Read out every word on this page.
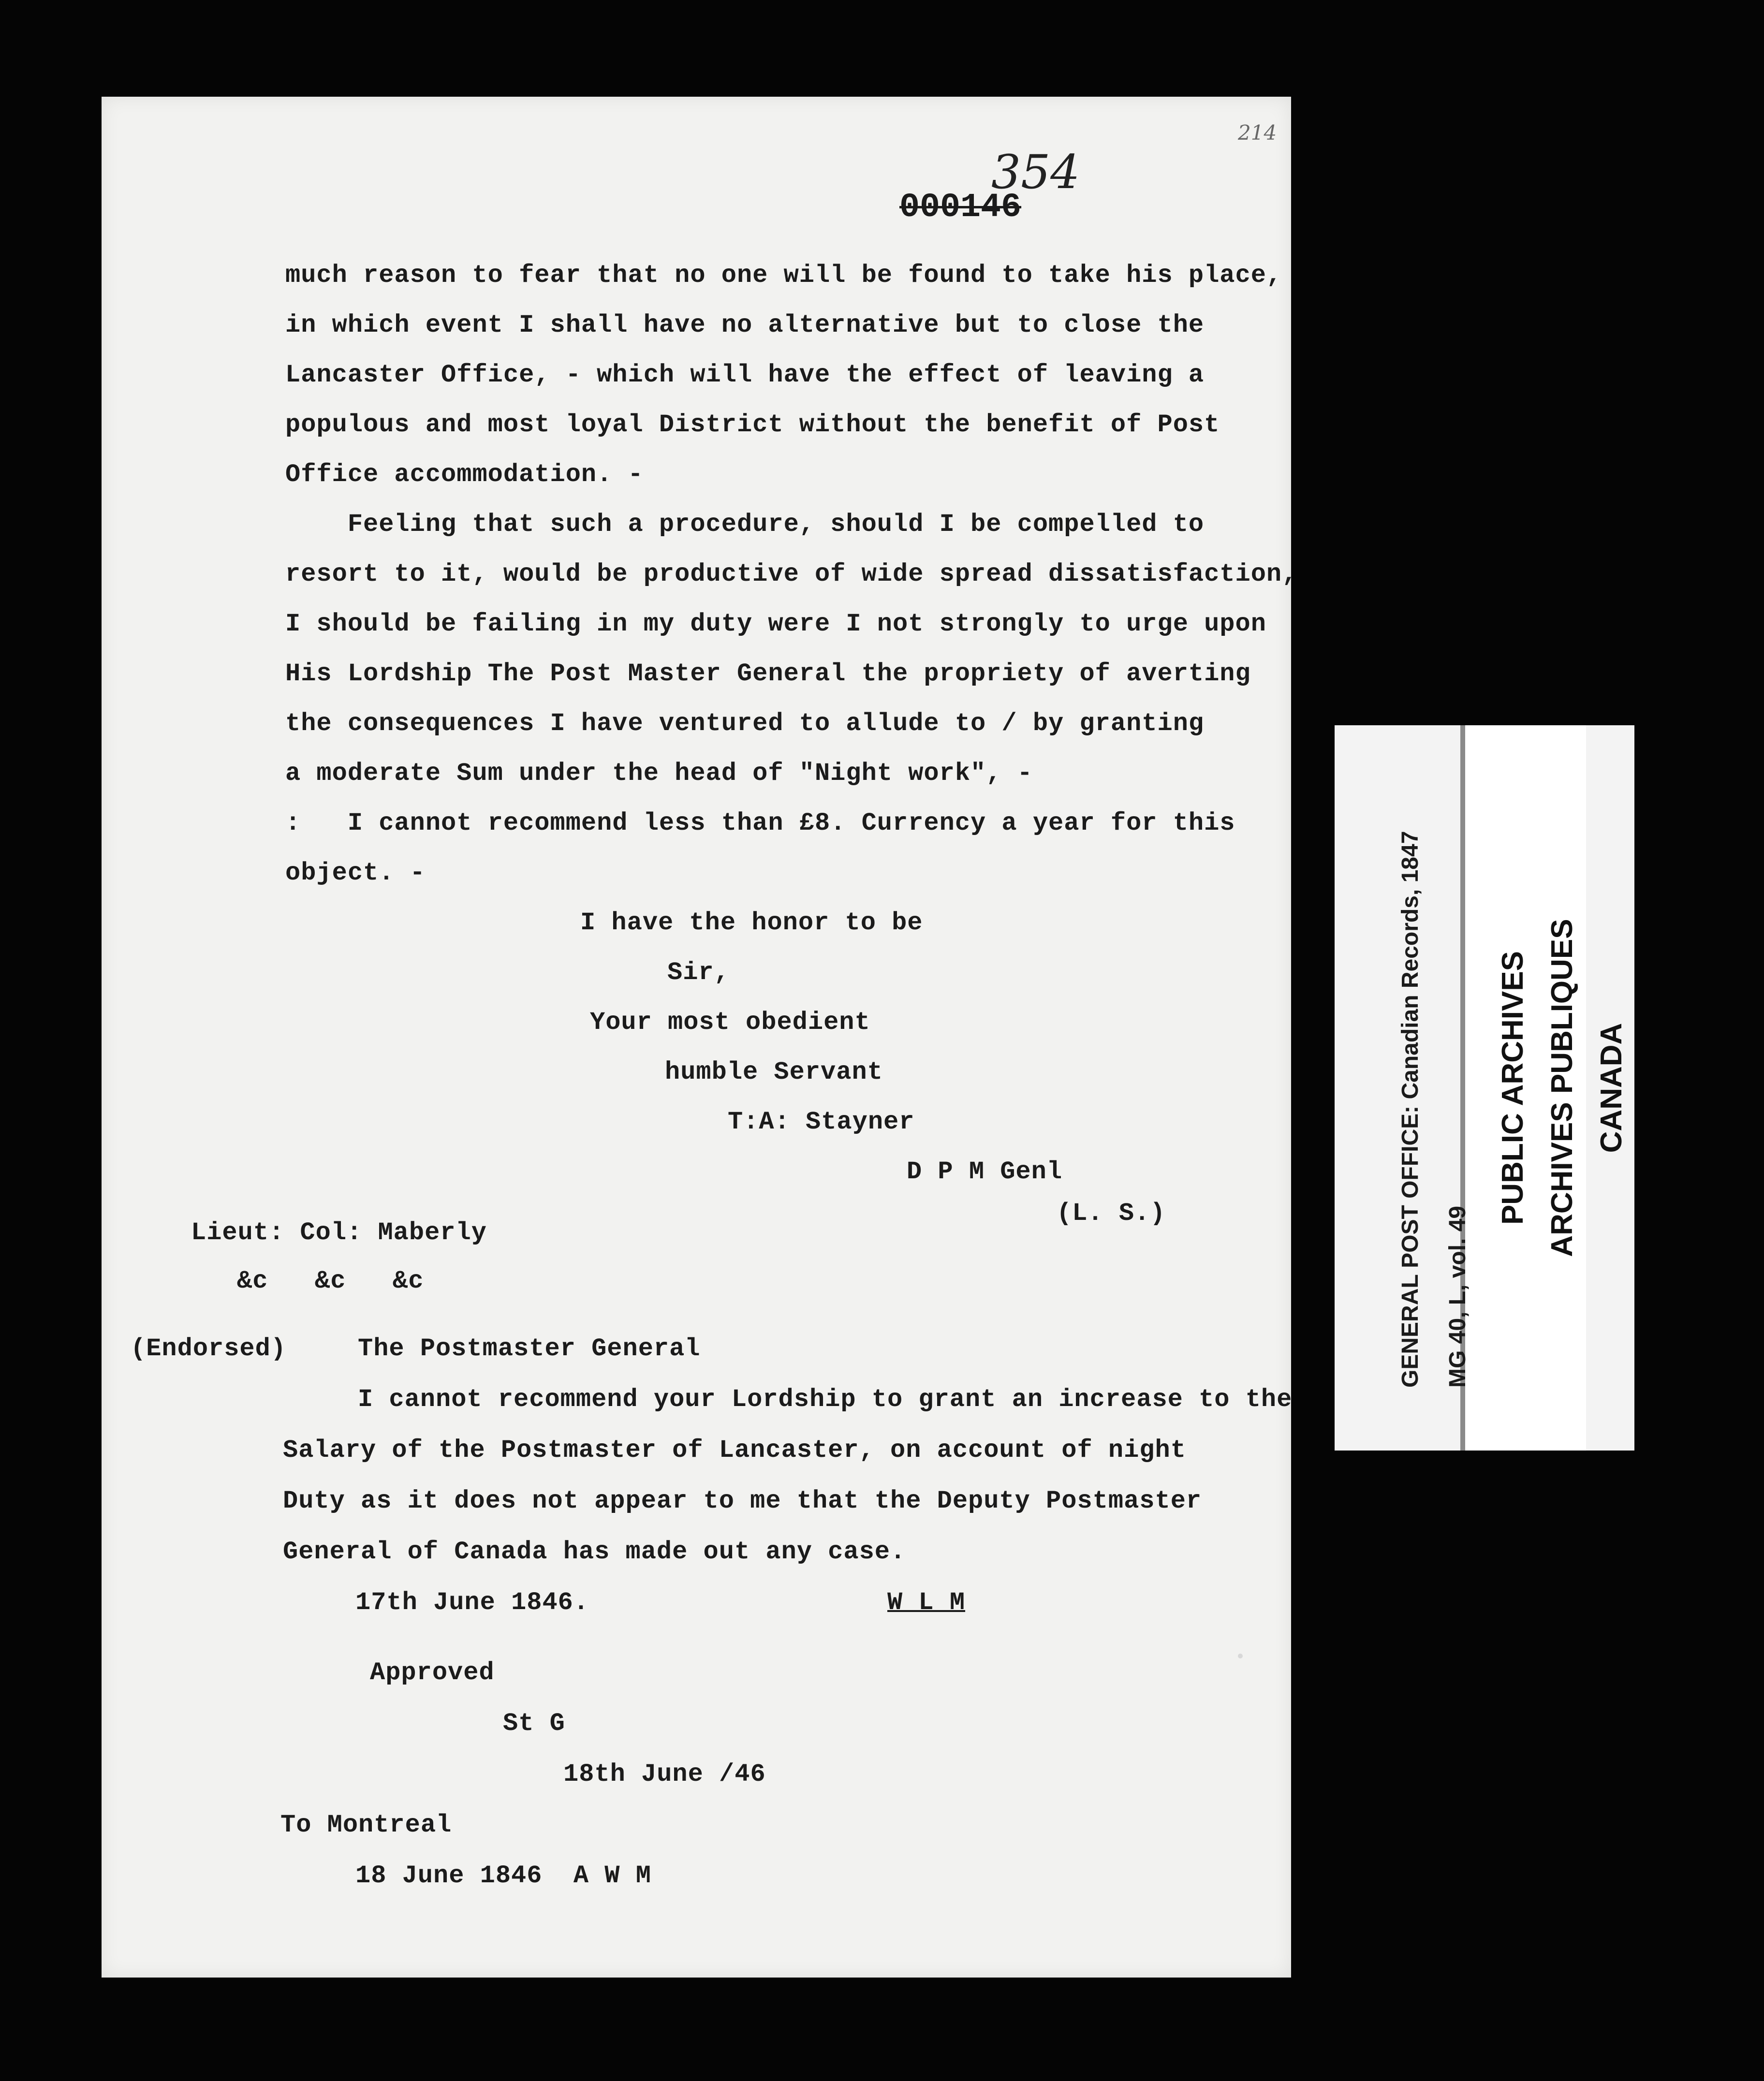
214
354
000146
much reason to fear that no one will be found to take his place,
in which event I shall have no alternative but to close the
Lancaster Office, - which will have the effect of leaving a
populous and most loyal District without the benefit of Post
Office accommodation. -
Feeling that such a procedure, should I be compelled to
resort to it, would be productive of wide spread dissatisfaction,
I should be failing in my duty were I not strongly to urge upon
His Lordship The Post Master General the propriety of averting
the consequences I have ventured to allude to / by granting
a moderate Sum under the head of "Night work", -
:   I cannot recommend less than £8. Currency a year for this
object. -
I have the honor to be
Sir,
Your most obedient
humble Servant
T:A: Stayner
D P M Genl
(L. S.)
Lieut: Col: Maberly
&c   &c   &c
(Endorsed)	The Postmaster General
I cannot recommend your Lordship to grant an increase to the
Salary of the Postmaster of Lancaster, on account of night
Duty as it does not appear to me that the Deputy Postmaster
General of Canada has made out any case.
17th June 1846.	W L M
Approved
St G
18th June /46
To Montreal
18 June 1846  A W M

GENERAL POST OFFICE: Canadian Records, 1847

MG 40, L, vol. 49

PUBLIC ARCHIVES

ARCHIVES PUBLIQUES

CANADA
